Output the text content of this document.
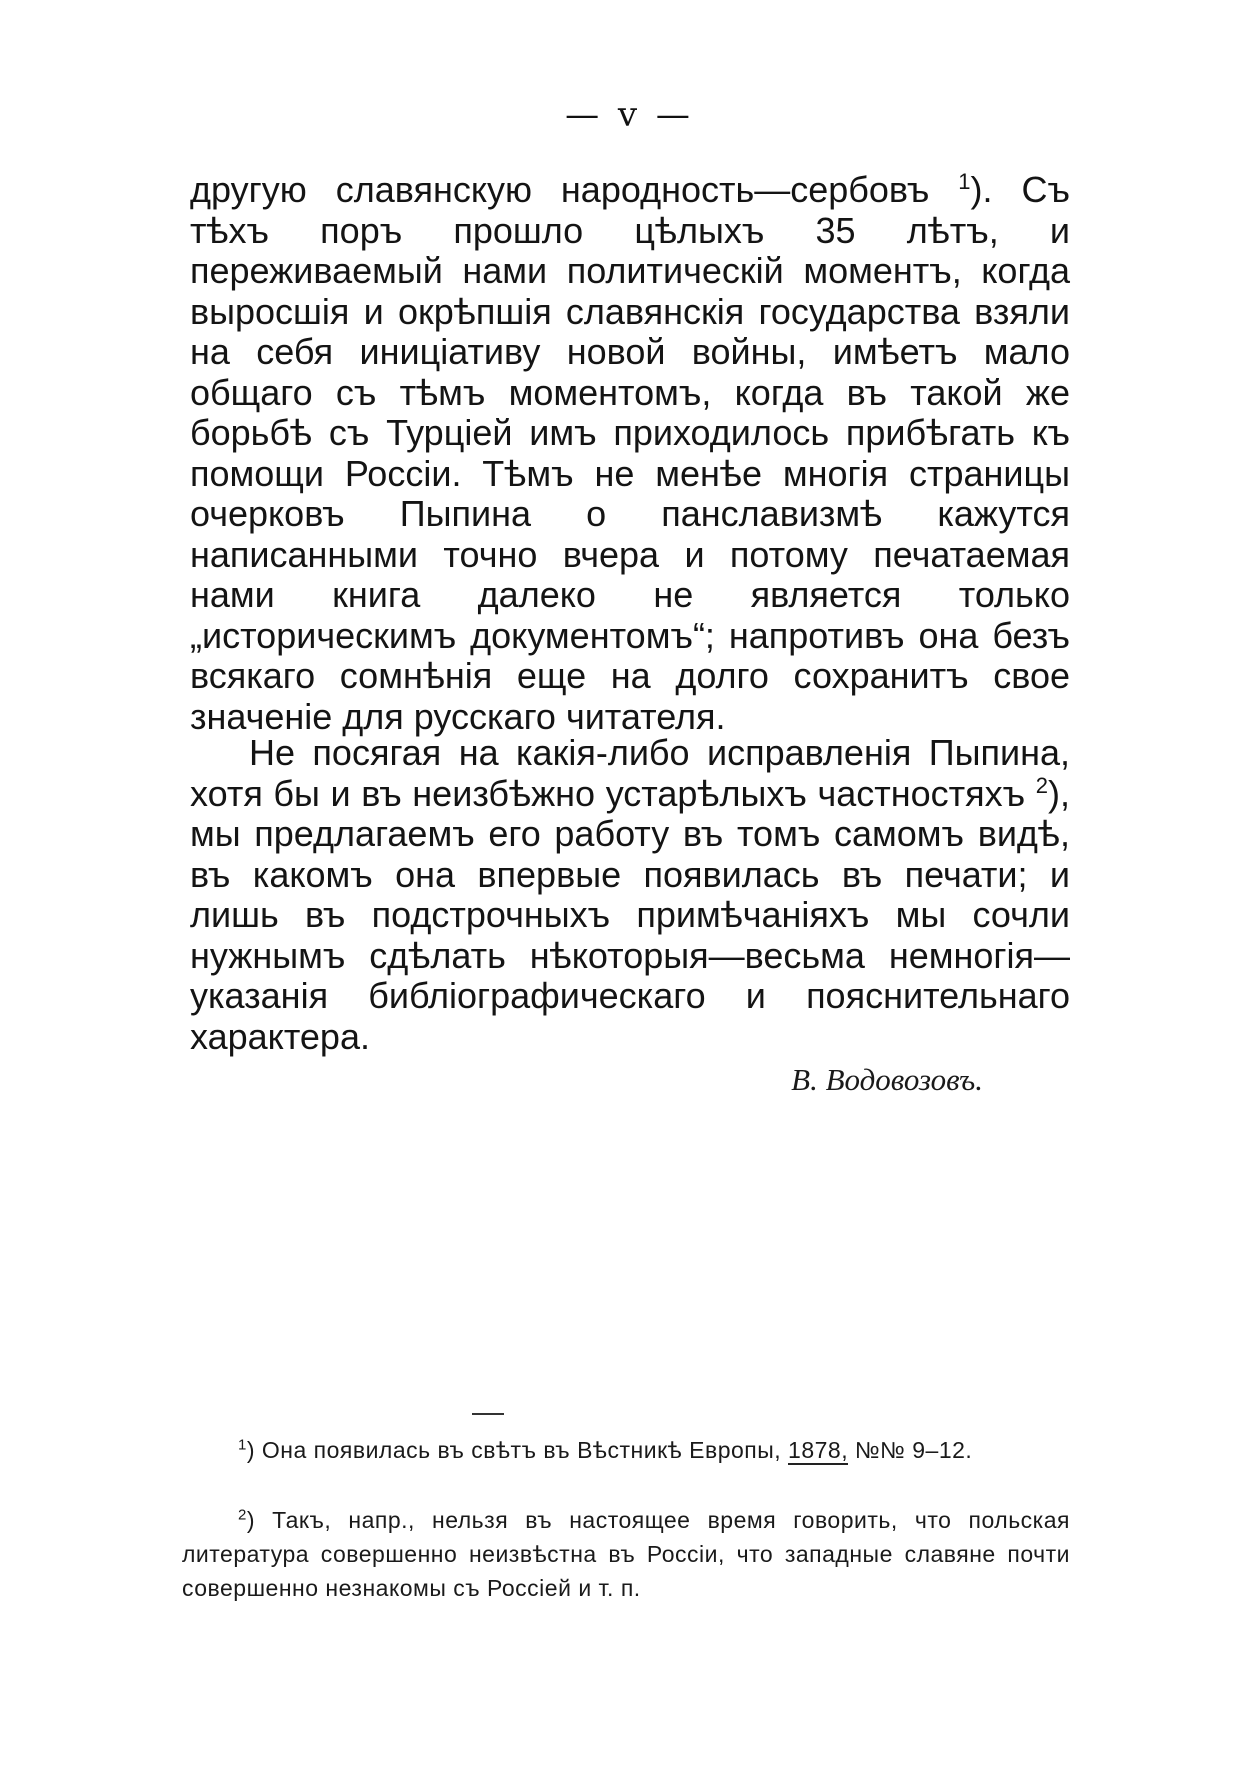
— v —

другую славянскую народность—сербовъ $^1$). Съ тѣхъ поръ прошло цѣлыхъ 35 лѣтъ, и переживаемый нами политическій моментъ, когда выросшія и окрѣпшія славянскія государства взяли на себя иниціативу новой войны, имѣетъ мало общаго съ тѣмъ моментомъ, когда въ такой же борьбѣ съ Турціей имъ приходилось прибѣгать къ помощи Россіи. Тѣмъ не менѣе многія страницы очерковъ Пыпина о панславизмѣ кажутся написанными точно вчера и потому печатаемая нами книга далеко не является только „историческимъ документомъ“; напротивъ она безъ всякаго сомнѣнія еще на долго сохранитъ свое значеніе для русскаго читателя.

Не посягая на какія-либо исправленія Пыпина, хотя бы и въ неизбѣжно устарѣлыхъ частностяхъ $^2$), мы предлагаемъ его работу въ томъ самомъ видѣ, въ какомъ она впервые появилась въ печати; и лишь въ подстрочныхъ примѣчаніяхъ мы сочли нужнымъ сдѣлать нѣкоторыя—весьма немногія—указанія библіографическаго и пояснительнаго характера.

В. Водовозовъ.

$^1$) Она появилась въ свѣтъ въ Вѣстникѣ Европы, 1878, №№ 9–12.

$^2$) Такъ, напр., нельзя въ настоящее время говорить, что польская литература совершенно неизвѣстна въ Россіи, что западные славяне почти совершенно незнакомы съ Россіей и т. п.
